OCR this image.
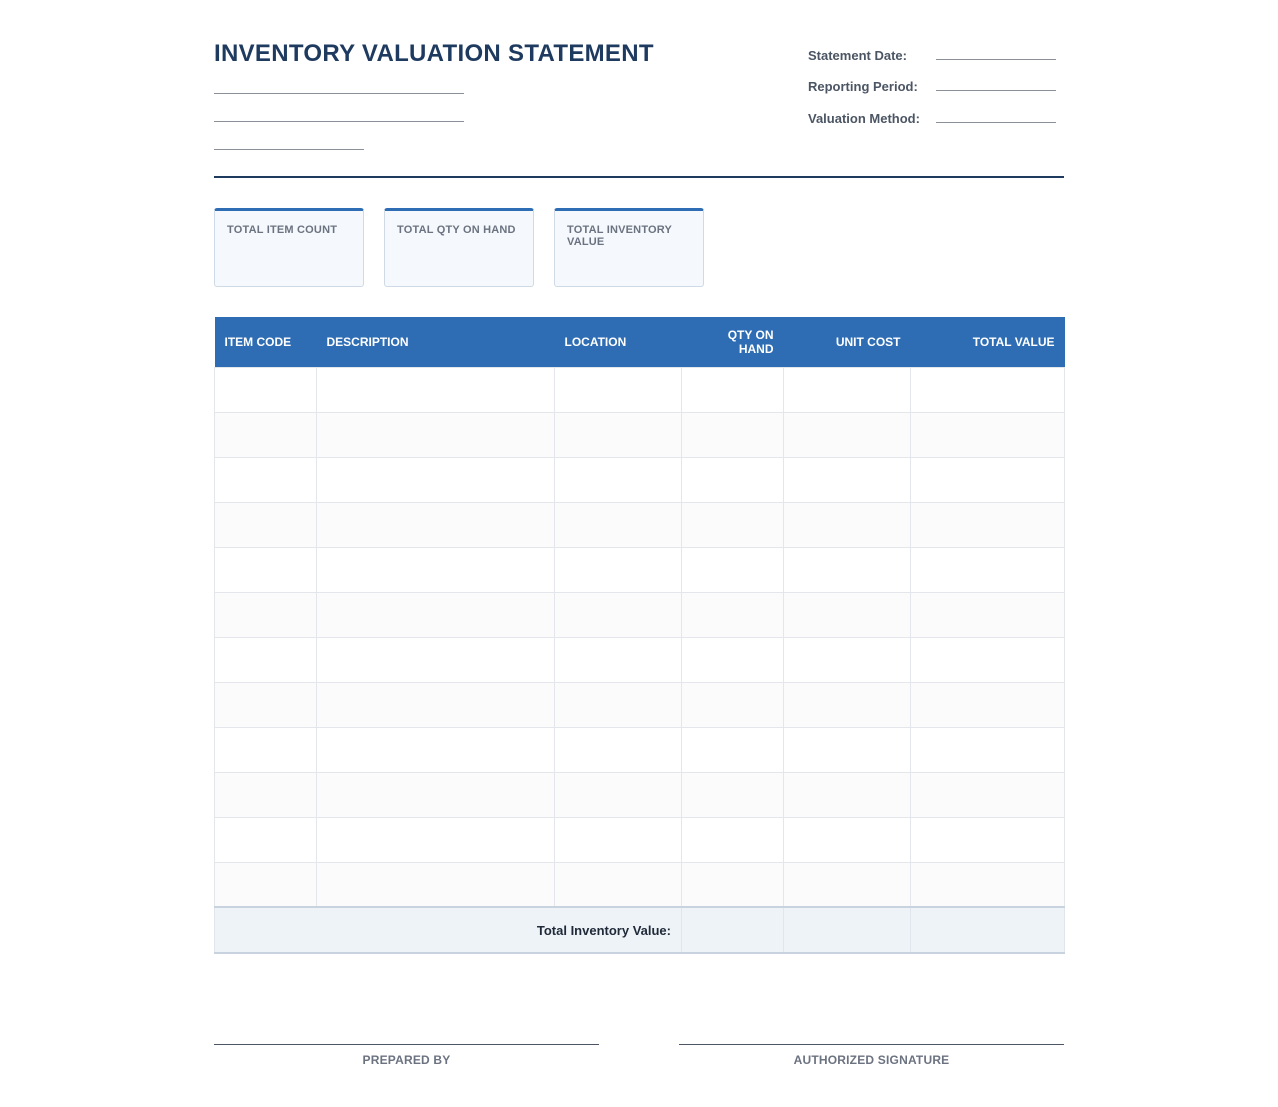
INVENTORY VALUATION STATEMENT	Statement Date:
Reporting Period:
Valuation Method:
TOTAL ITEM COUNT	TOTAL QTY ON HAND	TOTAL INVENTORY VALUE
ITEM CODE	DESCRIPTION	LOCATION	QTY ON HAND	UNIT COST	TOTAL VALUE

Total Inventory Value:					
PREPARED BY	AUTHORIZED SIGNATURE
